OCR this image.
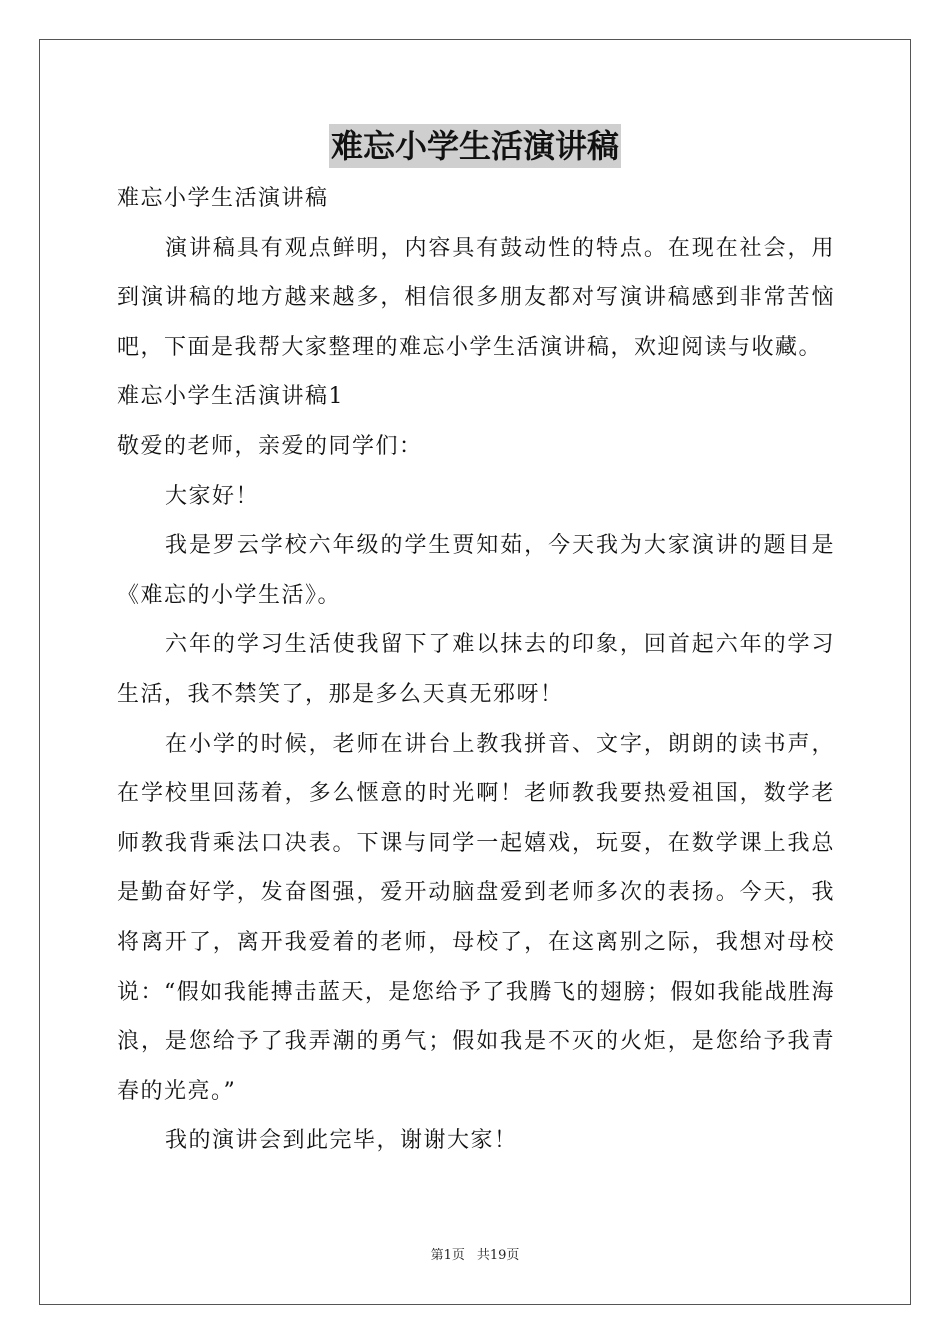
难忘小学生活演讲稿
难忘小学生活演讲稿

演讲稿具有观点鲜明，内容具有鼓动性的特点。在现在社会，用到演讲稿的地方越来越多，相信很多朋友都对写演讲稿感到非常苦恼吧，下面是我帮大家整理的难忘小学生活演讲稿，欢迎阅读与收藏。

难忘小学生活演讲稿1
敬爱的老师，亲爱的同学们：

大家好！

我是罗云学校六年级的学生贾知茹，今天我为大家演讲的题目是《难忘的小学生活》。

六年的学习生活使我留下了难以抹去的印象，回首起六年的学习生活，我不禁笑了，那是多么天真无邪呀！

在小学的时候，老师在讲台上教我拼音、文字，朗朗的读书声，在学校里回荡着，多么惬意的时光啊！老师教我要热爱祖国，数学老师教我背乘法口决表。下课与同学一起嬉戏，玩耍，在数学课上我总是勤奋好学，发奋图强，爱开动脑盘爱到老师多次的表扬。今天，我将离开了，离开我爱着的老师，母校了，在这离别之际，我想对母校说：“假如我能搏击蓝天，是您给予了我腾飞的翅膀；假如我能战胜海浪，是您给予了我弄潮的勇气；假如我是不灭的火炬，是您给予我青春的光亮。”

我的演讲会到此完毕，谢谢大家！

第1页 共19页
